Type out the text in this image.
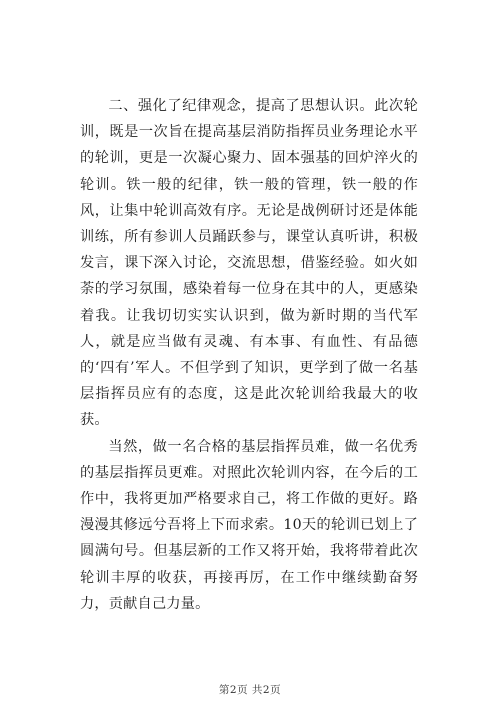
二、强化了纪律观念，提高了思想认识。此次轮训，既是一次旨在提高基层消防指挥员业务理论水平的轮训，更是一次凝心聚力、固本强基的回炉淬火的轮训。铁一般的纪律，铁一般的管理，铁一般的作风，让集中轮训高效有序。无论是战例研讨还是体能训练，所有参训人员踊跃参与，课堂认真听讲，积极发言，课下深入讨论，交流思想，借鉴经验。如火如荼的学习氛围，感染着每一位身在其中的人，更感染着我。让我切切实实认识到，做为新时期的当代军人，就是应当做有灵魂、有本事、有血性、有品德的‘四有’军人。不但学到了知识，更学到了做一名基层指挥员应有的态度，这是此次轮训给我最大的收获。

当然，做一名合格的基层指挥员难，做一名优秀的基层指挥员更难。对照此次轮训内容，在今后的工作中，我将更加严格要求自己，将工作做的更好。路漫漫其修远兮吾将上下而求索。10天的轮训已划上了圆满句号。但基层新的工作又将开始，我将带着此次轮训丰厚的收获，再接再厉，在工作中继续勤奋努力，贡献自己力量。

第2页 共2页
